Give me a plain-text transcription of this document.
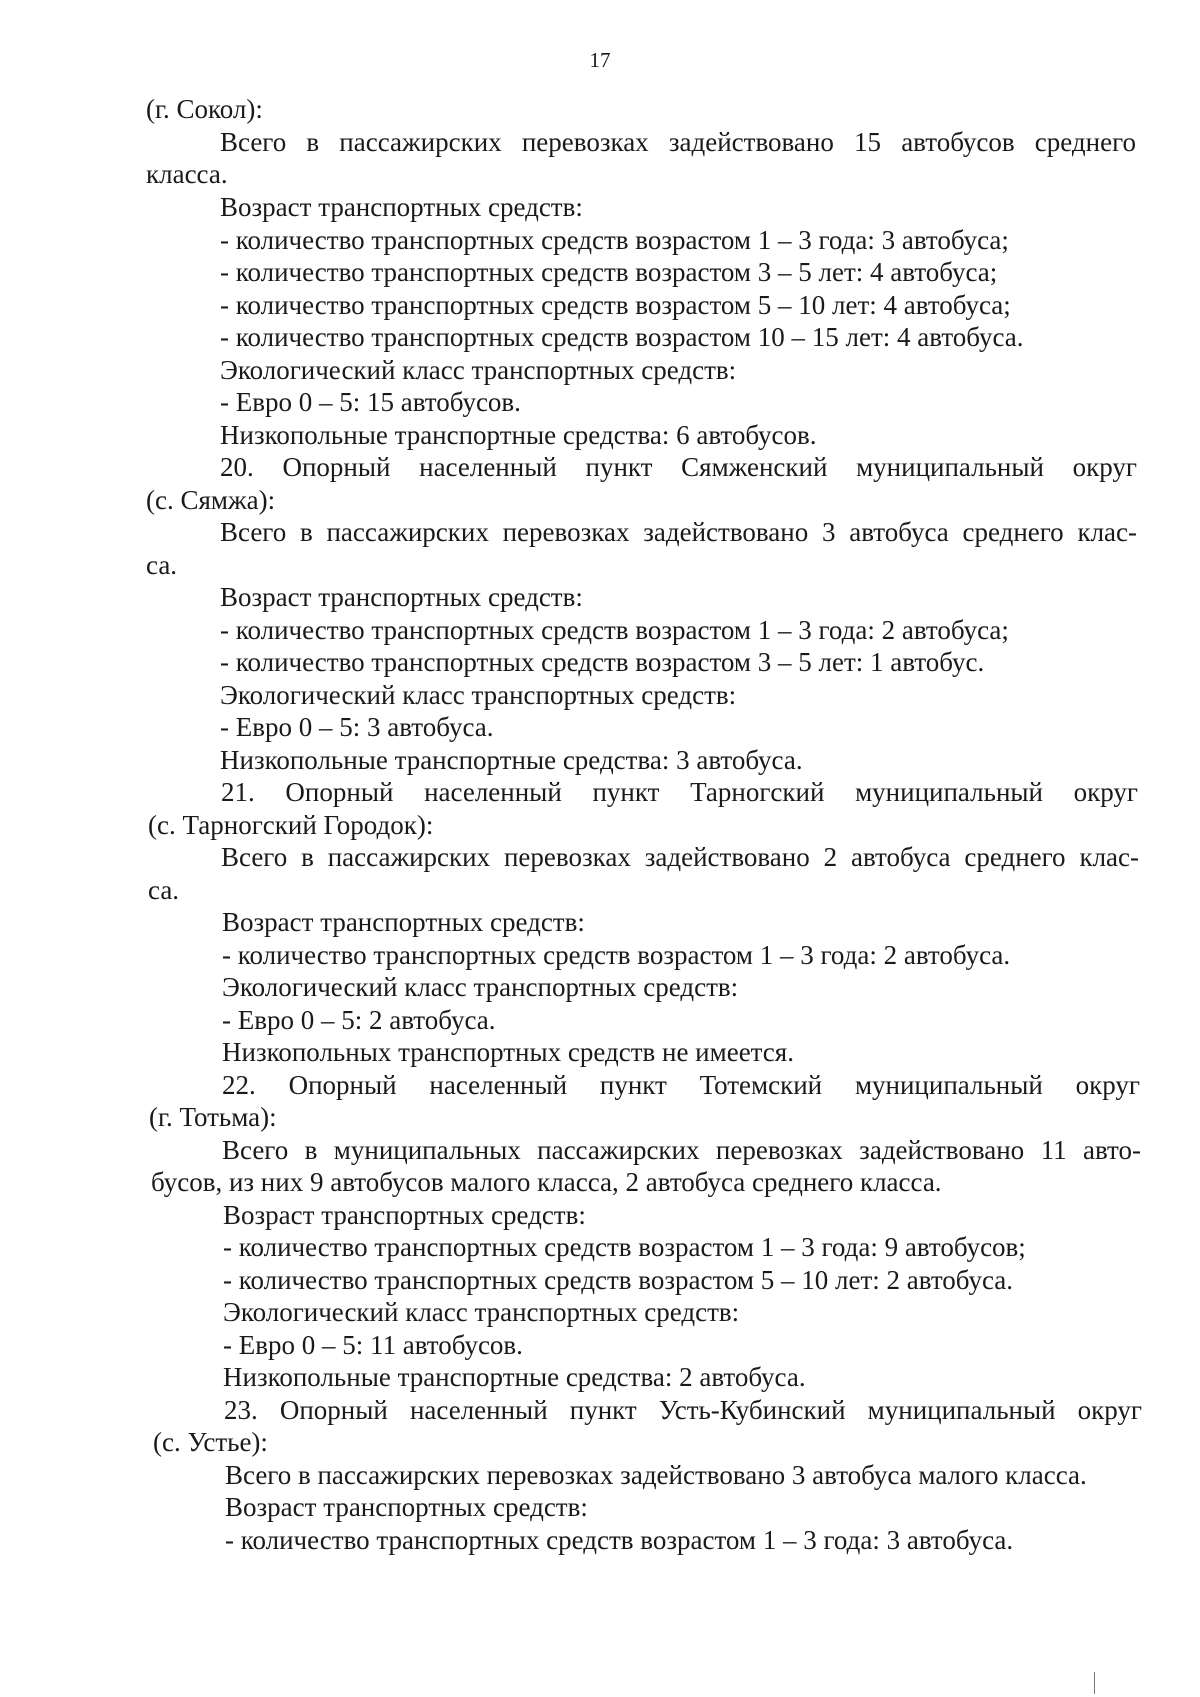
17
(г. Сокол):
Всего в пассажирских перевозках задействовано 15 автобусов среднего
класса.
Возраст транспортных средств:
- количество транспортных средств возрастом 1 – 3 года: 3 автобуса;
- количество транспортных средств возрастом 3 – 5 лет: 4 автобуса;
- количество транспортных средств возрастом 5 – 10 лет: 4 автобуса;
- количество транспортных средств возрастом 10 – 15 лет: 4 автобуса.
Экологический класс транспортных средств:
- Евро 0 – 5: 15 автобусов.
Низкопольные транспортные средства: 6 автобусов.
20. Опорный населенный пункт Сямженский муниципальный округ
(с. Сямжа):
Всего в пассажирских перевозках задействовано 3 автобуса среднего клас-
са.
Возраст транспортных средств:
- количество транспортных средств возрастом 1 – 3 года: 2 автобуса;
- количество транспортных средств возрастом 3 – 5 лет: 1 автобус.
Экологический класс транспортных средств:
- Евро 0 – 5: 3 автобуса.
Низкопольные транспортные средства: 3 автобуса.
21. Опорный населенный пункт Тарногский муниципальный округ
(с. Тарногский Городок):
Всего в пассажирских перевозках задействовано 2 автобуса среднего клас-
са.
Возраст транспортных средств:
- количество транспортных средств возрастом 1 – 3 года: 2 автобуса.
Экологический класс транспортных средств:
- Евро 0 – 5: 2 автобуса.
Низкопольных транспортных средств не имеется.
22. Опорный населенный пункт Тотемский муниципальный округ
(г. Тотьма):
Всего в муниципальных пассажирских перевозках задействовано 11 авто-
бусов, из них 9 автобусов малого класса, 2 автобуса среднего класса.
Возраст транспортных средств:
- количество транспортных средств возрастом 1 – 3 года: 9 автобусов;
- количество транспортных средств возрастом 5 – 10 лет: 2 автобуса.
Экологический класс транспортных средств:
- Евро 0 – 5: 11 автобусов.
Низкопольные транспортные средства: 2 автобуса.
23. Опорный населенный пункт Усть-Кубинский муниципальный округ
(с. Устье):
Всего в пассажирских перевозках задействовано 3 автобуса малого класса.
Возраст транспортных средств:
- количество транспортных средств возрастом 1 – 3 года: 3 автобуса.
